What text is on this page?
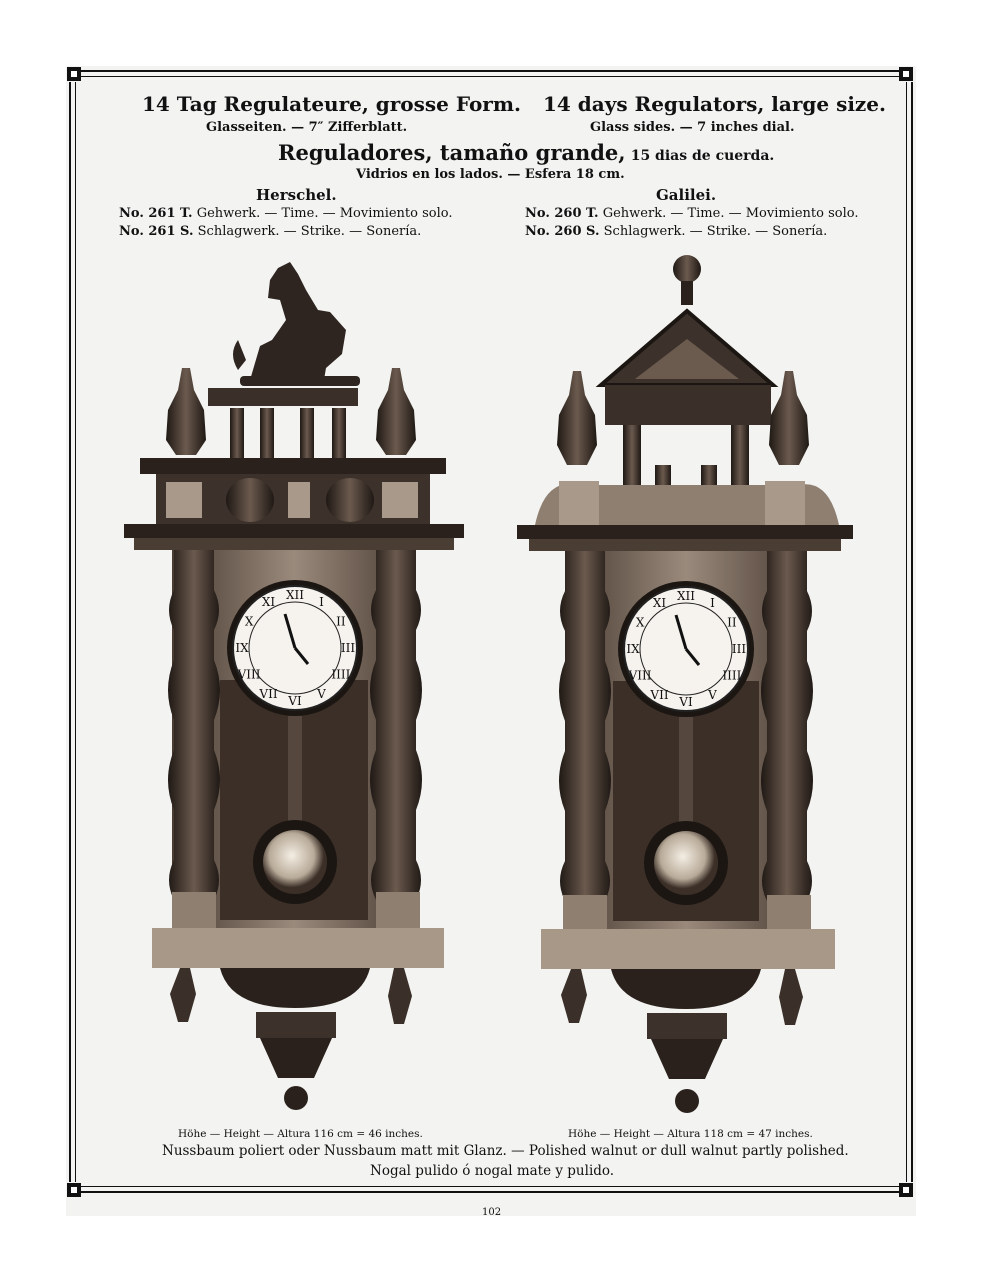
14 Tag Regulateure, grosse Form.
Glasseiten. — 7″ Zifferblatt.
14 days Regulators, large size.
Glass sides. — 7 inches dial.
Reguladores, tamaño grande, 15 dias de cuerda.
Vidrios en los lados. — Esfera 18 cm.
Herschel.
No. 261 T. Gehwerk. — Time. — Movimiento solo.
No. 261 S. Schlagwerk. — Strike. — Sonería.
Galilei.
No. 260 T. Gehwerk. — Time. — Movimiento solo.
No. 260 S. Schlagwerk. — Strike. — Sonería.
XII
I
II
III
IIII
V
VI
VII
VIII
IX
X
XI	XII
I
II
III
IIII
V
VI
VII
VIII
IX
X
XI
Höhe — Height — Altura 116 cm = 46 inches.	Höhe — Height — Altura 118 cm = 47 inches.
Nussbaum poliert oder Nussbaum matt mit Glanz. — Polished walnut or dull walnut partly polished.
Nogal pulido ó nogal mate y pulido.
102
